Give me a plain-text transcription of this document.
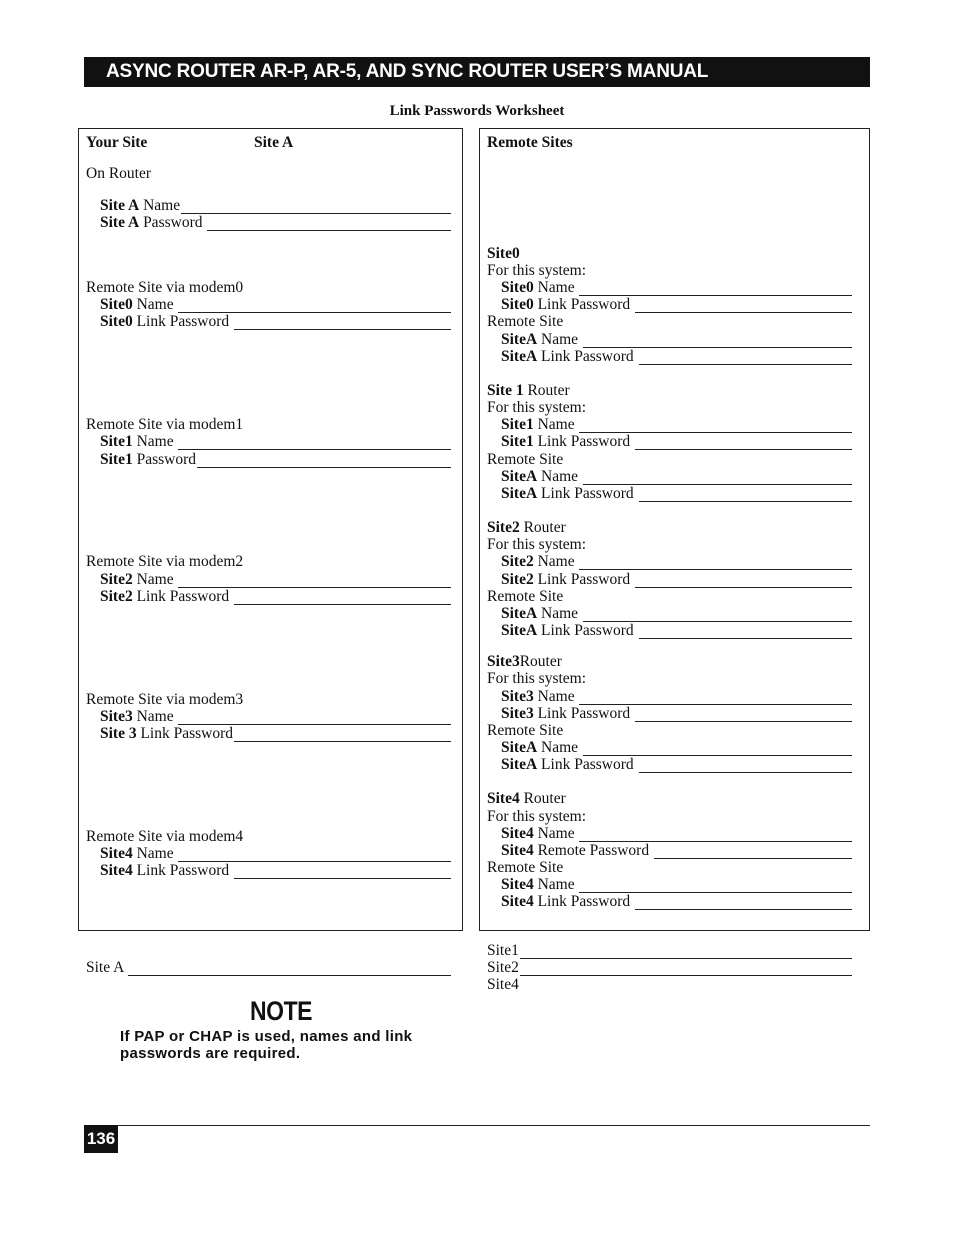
ASYNC ROUTER AR-P, AR-5, AND SYNC ROUTER USER’S MANUAL
Link Passwords Worksheet
Your Site	Site A
On Router
Site A Name
Site A Password
Remote Site via modem0
Site0 Name
Site0 Link Password
Remote Site via modem1
Site1 Name
Site1 Password
Remote Site via modem2
Site2 Name
Site2 Link Password
Remote Site via modem3
Site3 Name
Site 3 Link Password
Remote Site via modem4
Site4 Name
Site4 Link Password
Site A
Remote Sites
Site0
For this system:
Site0 Name
Site0 Link Password
Remote Site
SiteA Name
SiteA Link Password
Site 1 Router
For this system:
Site1 Name
Site1 Link Password
Remote Site
SiteA Name
SiteA Link Password
Site2 Router
For this system:
Site2 Name
Site2 Link Password
Remote Site
SiteA Name
SiteA Link Password
Site3 Router
For this system:
Site3 Name
Site3 Link Password
Remote Site
SiteA Name
SiteA Link Password
Site4 Router
For this system:
Site4 Name
Site4 Remote Password
Remote Site
Site4 Name
Site4 Link Password
Site1
Site2
Site4
NOTE
If PAP or CHAP is used, names and link passwords are required.
136
